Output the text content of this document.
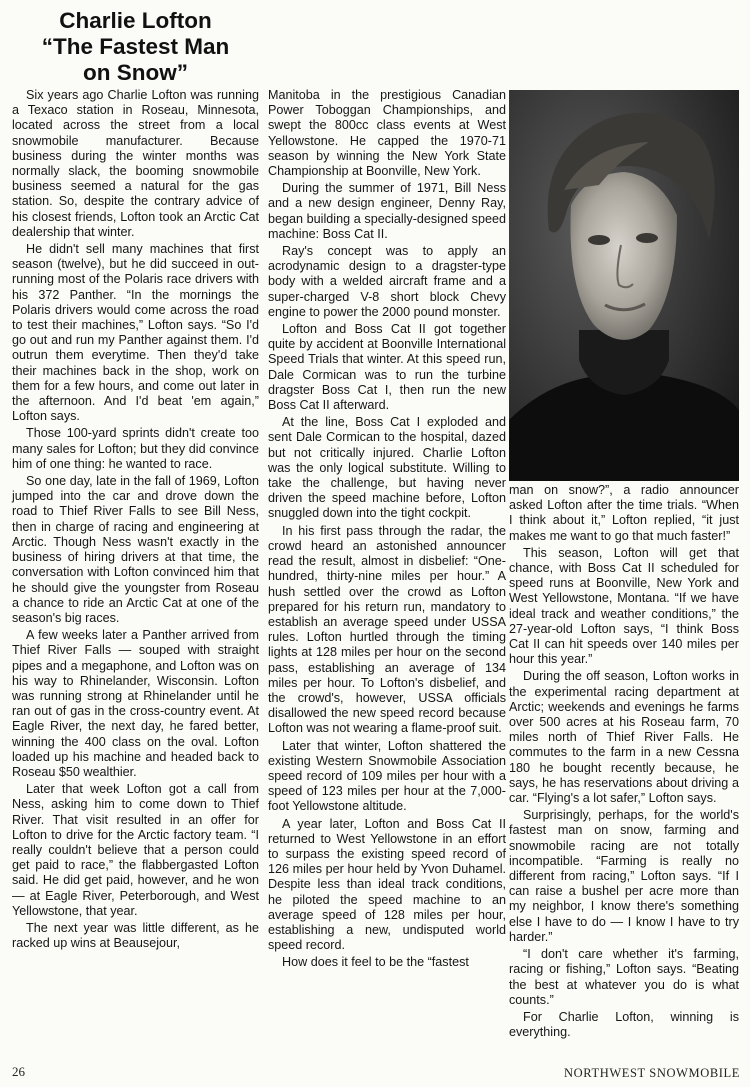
Charlie Lofton
“The Fastest Man
on Snow”

Six years ago Charlie Lofton was running a Texaco station in Roseau, Minnesota, located across the street from a local snowmobile manufacturer. Because business during the winter months was normally slack, the booming snowmobile business seemed a natural for the gas station. So, despite the contrary advice of his closest friends, Lofton took an Arctic Cat dealership that winter.

He didn't sell many machines that first season (twelve), but he did succeed in out-running most of the Polaris race drivers with his 372 Panther. “In the mornings the Polaris drivers would come across the road to test their machines,” Lofton says. “So I'd go out and run my Panther against them. I'd outrun them everytime. Then they'd take their machines back in the shop, work on them for a few hours, and come out later in the afternoon. And I'd beat 'em again,” Lofton says.

Those 100-yard sprints didn't create too many sales for Lofton; but they did convince him of one thing: he wanted to race.

So one day, late in the fall of 1969, Lofton jumped into the car and drove down the road to Thief River Falls to see Bill Ness, then in charge of racing and engineering at Arctic. Though Ness wasn't exactly in the business of hiring drivers at that time, the conversation with Lofton convinced him that he should give the youngster from Roseau a chance to ride an Arctic Cat at one of the season's big races.

A few weeks later a Panther arrived from Thief River Falls — souped with straight pipes and a megaphone, and Lofton was on his way to Rhinelander, Wisconsin. Lofton was running strong at Rhinelander until he ran out of gas in the cross-country event. At Eagle River, the next day, he fared better, winning the 400 class on the oval. Lofton loaded up his machine and headed back to Roseau $50 wealthier.

Later that week Lofton got a call from Ness, asking him to come down to Thief River. That visit resulted in an offer for Lofton to drive for the Arctic factory team. “I really couldn't believe that a person could get paid to race,” the flabbergasted Lofton said. He did get paid, however, and he won — at Eagle River, Peterborough, and West Yellowstone, that year.

The next year was little different, as he racked up wins at Beausejour,

Manitoba in the prestigious Canadian Power Toboggan Championships, and swept the 800cc class events at West Yellowstone. He capped the 1970-71 season by winning the New York State Championship at Boonville, New York.

During the summer of 1971, Bill Ness and a new design engineer, Denny Ray, began building a specially-designed speed machine: Boss Cat II.

Ray's concept was to apply an acrodynamic design to a dragster-type body with a welded aircraft frame and a super-charged V-8 short block Chevy engine to power the 2000 pound monster.

Lofton and Boss Cat II got together quite by accident at Boonville International Speed Trials that winter. At this speed run, Dale Cormican was to run the turbine dragster Boss Cat I, then run the new Boss Cat II afterward.

At the line, Boss Cat I exploded and sent Dale Cormican to the hospital, dazed but not critically injured. Charlie Lofton was the only logical substitute. Willing to take the challenge, but having never driven the speed machine before, Lofton snuggled down into the tight cockpit.

In his first pass through the radar, the crowd heard an astonished announcer read the result, almost in disbelief: “One-hundred, thirty-nine miles per hour.” A hush settled over the crowd as Lofton prepared for his return run, mandatory to establish an average speed under USSA rules. Lofton hurtled through the timing lights at 128 miles per hour on the second pass, establishing an average of 134 miles per hour. To Lofton's disbelief, and the crowd's, however, USSA officials disallowed the new speed record because Lofton was not wearing a flame-proof suit.

Later that winter, Lofton shattered the existing Western Snowmobile Association speed record of 109 miles per hour with a speed of 123 miles per hour at the 7,000-foot Yellowstone altitude.

A year later, Lofton and Boss Cat II returned to West Yellowstone in an effort to surpass the existing speed record of 126 miles per hour held by Yvon Duhamel. Despite less than ideal track conditions, he piloted the speed machine to an average speed of 128 miles per hour, establishing a new, undisputed world speed record.

How does it feel to be the “fastest

man on snow?”, a radio announcer asked Lofton after the time trials. “When I think about it,” Lofton replied, “it just makes me want to go that much faster!”

This season, Lofton will get that chance, with Boss Cat II scheduled for speed runs at Boonville, New York and West Yellowstone, Montana. “If we have ideal track and weather conditions,” the 27-year-old Lofton says, “I think Boss Cat II can hit speeds over 140 miles per hour this year.”

During the off season, Lofton works in the experimental racing department at Arctic; weekends and evenings he farms over 500 acres at his Roseau farm, 70 miles north of Thief River Falls. He commutes to the farm in a new Cessna 180 he bought recently because, he says, he has reservations about driving a car. “Flying's a lot safer,” Lofton says.

Surprisingly, perhaps, for the world's fastest man on snow, farming and snowmobile racing are not totally incompatible. “Farming is really no different from racing,” Lofton says. “If I can raise a bushel per acre more than my neighbor, I know there's something else I have to do — I know I have to try harder.”

“I don't care whether it's farming, racing or fishing,” Lofton says. “Beating the best at whatever you do is what counts.”

For Charlie Lofton, winning is everything.

26	NORTHWEST SNOWMOBILE
